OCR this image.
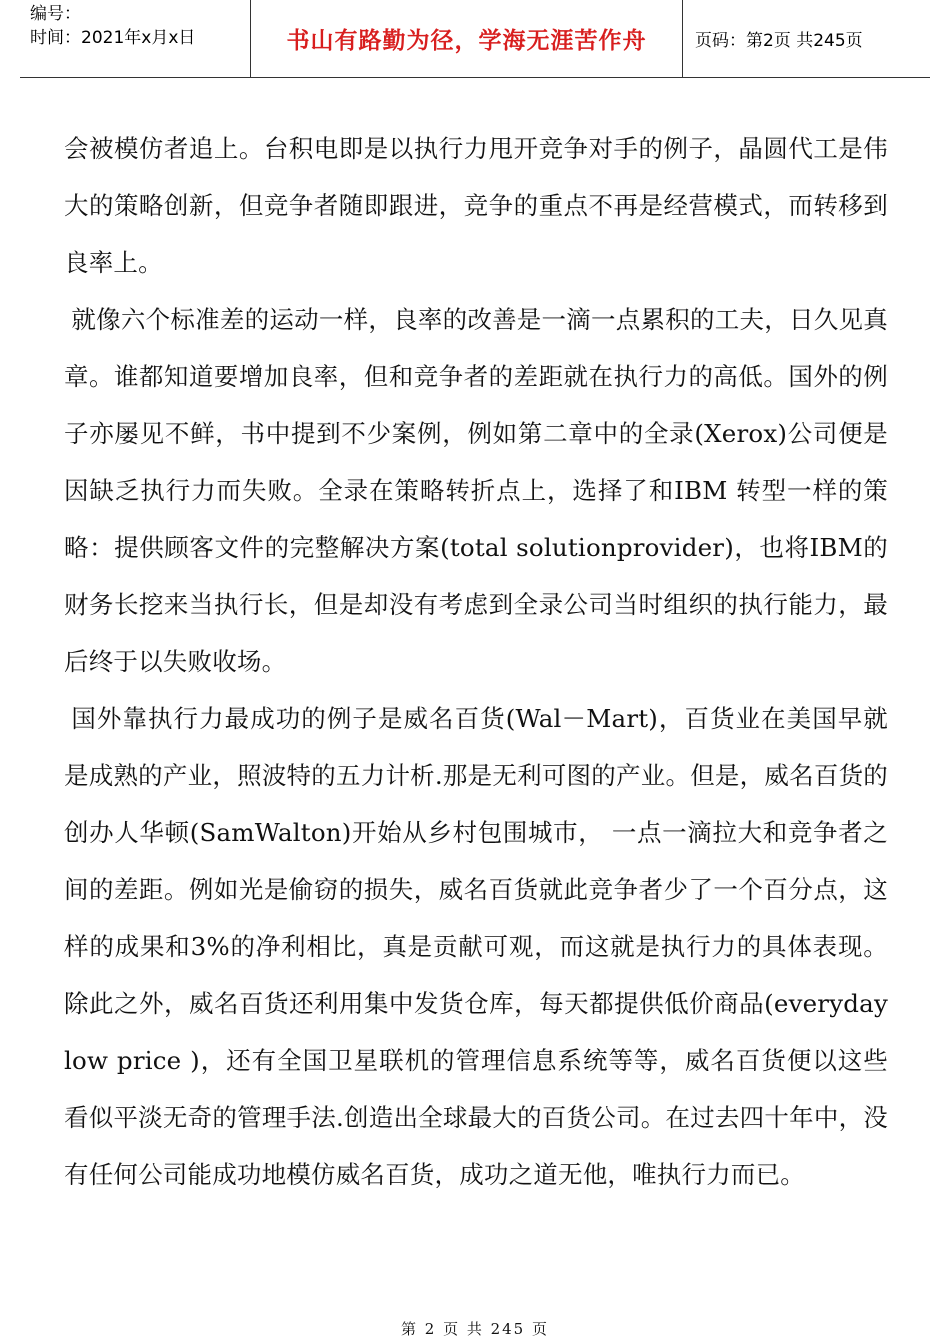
编号：
时间：2021年x月x日	书山有路勤为径，学海无涯苦作舟	页码：第2页 共245页

会被模仿者追上。台积电即是以执行力甩开竞争对手的例子，晶圆代工是伟大的策略创新，但竞争者随即跟进，竞争的重点不再是经营模式，而转移到良率上。

就像六个标准差的运动一样，良率的改善是一滴一点累积的工夫，日久见真章。谁都知道要增加良率，但和竞争者的差距就在执行力的高低。国外的例子亦屡见不鲜，书中提到不少案例，例如第二章中的全录(Xerox)公司便是因缺乏执行力而失败。全录在策略转折点上，选择了和IBM 转型一样的策略：提供顾客文件的完整解决方案(total solutionprovider)，也将IBM的财务长挖来当执行长，但是却没有考虑到全录公司当时组织的执行能力，最后终于以失败收场。

国外靠执行力最成功的例子是威名百货(Wal－Mart)，百货业在美国早就是成熟的产业，照波特的五力计析.那是无利可图的产业。但是，威名百货的创办人华顿(SamWalton)开始从乡村包围城巿， 一点一滴拉大和竞争者之间的差距。例如光是偷窃的损失，威名百货就此竞争者少了一个百分点，这样的成果和3%的净利相比，真是贡献可观，而这就是执行力的具体表现。除此之外，威名百货还利用集中发货仓库，每天都提供低价商品(everyday low price )，还有全国卫星联机的管理信息系统等等，威名百货便以这些看似平淡无奇的管理手法.创造出全球最大的百货公司。在过去四十年中，没有任何公司能成功地模仿威名百货，成功之道无他，唯执行力而已。

第 2 页 共 245 页
